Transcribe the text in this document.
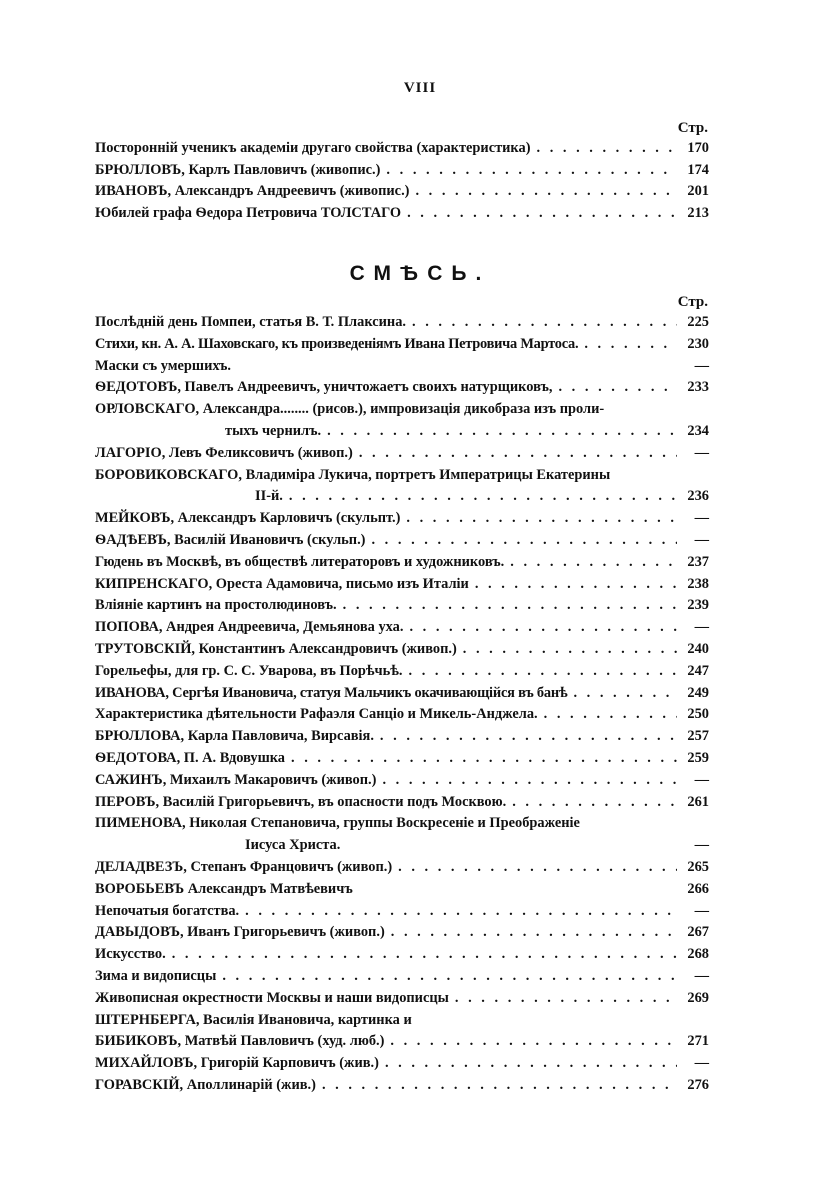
VIII
Стр.
Посторонній ученикъ академіи другаго свойства (характеристика) . . .	170
БРЮЛЛОВЪ, Карлъ Павловичъ (живопис.) . . .	174
ИВАНОВЪ, Александръ Андреевичъ (живопис.) . . .	201
Юбилей графа Ѳедора Петровича ТОЛСТАГО . . .	213
СМѢСЬ.
Стр.
Послѣдній день Помпеи, статья В. Т. Плаксина. . . .	225
Стихи, кн. А. А. Шаховскаго, къ произведеніямъ Ивана Петровича Мартоса. . . .	230
Маски съ умершихъ.	—
ѲЕДОТОВЪ, Павелъ Андреевичъ, уничтожаетъ своихъ натурщиковъ, . . .	233
ОРЛОВСКАГО, Александра........ (рисов.), импровизація дикобраза изъ проли-
тыхъ чернилъ. . . .	234
ЛАГОРІО, Левъ Феликсовичъ (живоп.) . . .	—
БОРОВИКОВСКАГО, Владиміра Лукича, портретъ Императрицы Екатерины
II-й. . . .	236
МЕЙКОВЪ, Александръ Карловичъ (скульпт.) . . .	—
ѲАДѢЕВЪ, Василій Ивановичъ (скульп.) . . .	—
Гюдень въ Москвѣ, въ обществѣ литераторовъ и художниковъ. . . .	237
КИПРЕНСКАГО, Ореста Адамовича, письмо изъ Италіи . . .	238
Вліяніе картинъ на простолюдиновъ. . . .	239
ПОПОВА, Андрея Андреевича, Демьянова уха. . . .	—
ТРУТОВСКІЙ, Константинъ Александровичъ (живоп.) . . .	240
Горельефы, для гр. С. С. Уварова, въ Порѣчьѣ. . . .	247
ИВАНОВА, Сергѣя Ивановича, статуя Мальчикъ окачивающійся въ банѣ . . .	249
Характеристика дѣятельности Рафаэля Санціо и Микель-Анджела. . . .	250
БРЮЛЛОВА, Карла Павловича, Вирсавія. . . .	257
ѲЕДОТОВА, П. А. Вдовушка . . .	259
САЖИНЪ, Михаилъ Макаровичъ (живоп.) . . .	—
ПЕРОВЪ, Василій Григорьевичъ, въ опасности подъ Москвою. . . .	261
ПИМЕНОВА, Николая Степановича, группы Воскресеніе и Преображеніе
Іисуса Христа.	—
ДЕЛАДВЕЗЪ, Степанъ Францовичъ (живоп.) . . .	265
ВОРОБЬЕВЪ Александръ Матвѣевичъ	266
Непочатыя богатства. . . .	—
ДАВЫДОВЪ, Иванъ Григорьевичъ (живоп.) . . .	267
Искусство. . . .	268
Зима и видописцы . . .	—
Живописная окрестности Москвы и наши видописцы . . .	269
ШТЕРНБЕРГА, Василія Ивановича, картинка и
БИБИКОВЪ, Матвѣй Павловичъ (худ. люб.) . . .	271
МИХАЙЛОВЪ, Григорій Карповичъ (жив.) . . .	—
ГОРАВСКІЙ, Аполлинарій (жив.) . . .	276
